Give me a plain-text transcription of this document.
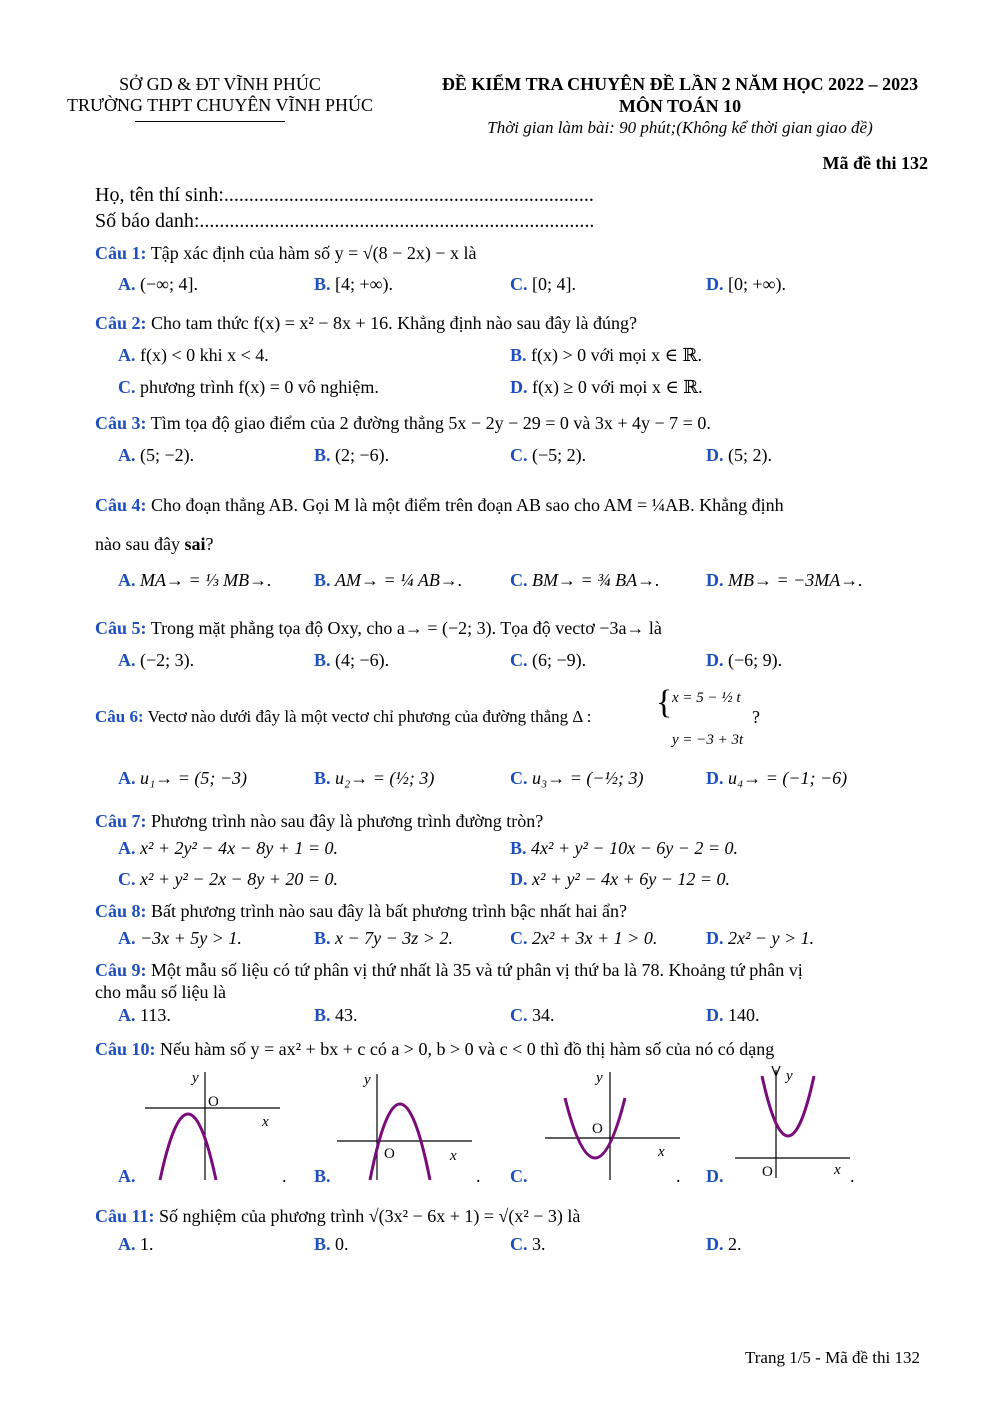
SỞ GD & ĐT VĨNH PHÚC
TRƯỜNG THPT CHUYÊN VĨNH PHÚC
ĐỀ KIỂM TRA CHUYÊN ĐỀ LẦN 2 NĂM HỌC 2022 – 2023
MÔN TOÁN 10
Thời gian làm bài: 90 phút;(Không kể thời gian giao đề)
Mã đề thi 132
Họ, tên thí sinh:..........................................................................
Số báo danh:...............................................................................
Câu 1: Tập xác định của hàm số y = √(8 − 2x) − x là
A. (−∞; 4].	B. [4; +∞).	C. [0; 4].	D. [0; +∞).
Câu 2: Cho tam thức f(x) = x² − 8x + 16. Khẳng định nào sau đây là đúng?
A. f(x) < 0 khi x < 4.	B. f(x) > 0 với mọi x ∈ ℝ.
C. phương trình f(x) = 0 vô nghiệm.	D. f(x) ≥ 0 với mọi x ∈ ℝ.
Câu 3: Tìm tọa độ giao điểm của 2 đường thẳng 5x − 2y − 29 = 0 và 3x + 4y − 7 = 0.
A. (5; −2).	B. (2; −6).	C. (−5; 2).	D. (5; 2).
Câu 4: Cho đoạn thẳng AB. Gọi M là một điểm trên đoạn AB sao cho AM = ¼AB. Khẳng định
nào sau đây sai?
A. MA→ = ⅓ MB→. B. AM→ = ¼ AB→.	C. BM→ = ¾ BA→.	D. MB→ = −3MA→.
Câu 5: Trong mặt phẳng tọa độ Oxy, cho a→ = (−2; 3). Tọa độ vectơ −3a→ là
A. (−2; 3).	B. (4; −6).	C. (6; −9).	D. (−6; 9).
Câu 6: Vectơ nào dưới đây là một vectơ chỉ phương của đường thẳng Δ : { x = 5 − ½ t
y = −3 + 3t
?
A. u₁→ = (5; −3)	B. u₂→ = (½; 3)	C. u₃→ = (−½; 3)	D. u₄→ = (−1; −6)
Câu 7: Phương trình nào sau đây là phương trình đường tròn?
A. x² + 2y² − 4x − 8y + 1 = 0.	B. 4x² + y² − 10x − 6y − 2 = 0.
C. x² + y² − 2x − 8y + 20 = 0.	D. x² + y² − 4x + 6y − 12 = 0.
Câu 8: Bất phương trình nào sau đây là bất phương trình bậc nhất hai ẩn?
A. −3x + 5y > 1.	B. x − 7y − 3z > 2.	C. 2x² + 3x + 1 > 0.	D. 2x² − y > 1.
Câu 9: Một mẫu số liệu có tứ phân vị thứ nhất là 35 và tứ phân vị thứ ba là 78. Khoảng tứ phân vị
cho mẫu số liệu là
A. 113.	B. 43.	C. 34.	D. 140.
Câu 10: Nếu hàm số y = ax² + bx + c có a > 0, b > 0 và c < 0 thì đồ thị hàm số của nó có dạng
y
O
x
A.	.
y
O	x
B.	.
y
O
x
C.	.
y
O	x
D.	.
Câu 11: Số nghiệm của phương trình √(3x² − 6x + 1) = √(x² − 3) là
A. 1.	B. 0.	C. 3.	D. 2.
Trang 1/5 - Mã đề thi 132
